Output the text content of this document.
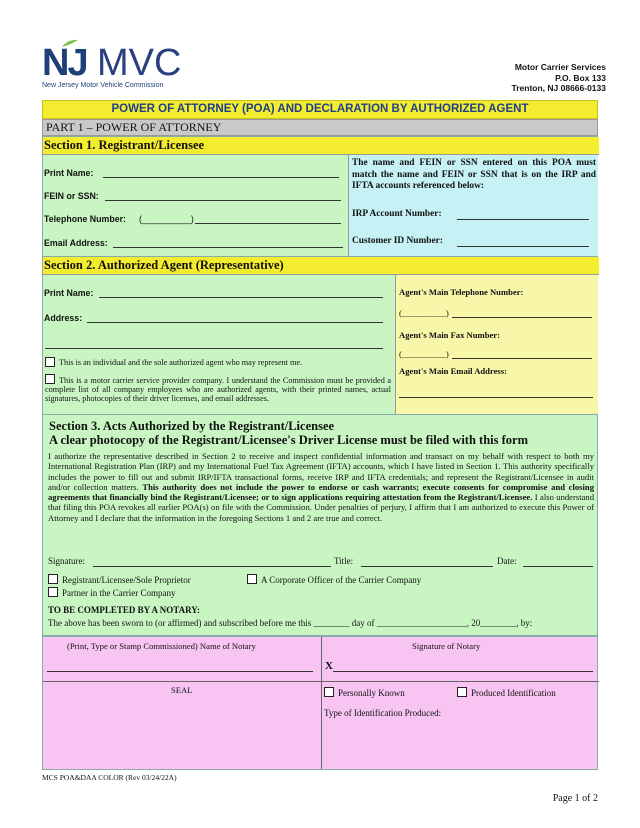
NJ MVC
New Jersey Motor Vehicle Commission
Motor Carrier Services
P.O. Box 133
Trenton, NJ 08666-0133
POWER OF ATTORNEY (POA) AND DECLARATION BY AUTHORIZED AGENT
PART 1 – POWER OF ATTORNEY
Section 1. Registrant/Licensee
Print Name:
FEIN or SSN:
Telephone Number: (__________)
Email Address:
The name and FEIN or SSN entered on this POA must match the name and FEIN or SSN that is on the IRP and IFTA accounts referenced below:
IRP Account Number:
Customer ID Number:
Section 2. Authorized Agent (Representative)
Print Name:
Address:
This is an individual and the sole authorized agent who may represent me.
This is a motor carrier service provider company. I understand the Commission must be provided a complete list of all company employees who are authorized agents, with their printed names, actual signatures, photocopies of their driver licenses, and email addresses.
Agent's Main Telephone Number:
(__________)
Agent's Main Fax Number:
(__________)
Agent's Main Email Address:
Section 3. Acts Authorized by the Registrant/Licensee
A clear photocopy of the Registrant/Licensee's Driver License must be filed with this form
I authorize the representative described in Section 2 to receive and inspect confidential information and transact on my behalf with respect to both my International Registration Plan (IRP) and my International Fuel Tax Agreement (IFTA) accounts, which I have listed in Section 1. This authority specifically includes the power to fill out and submit IRP/IFTA transactional forms, receive IRP and IFTA credentials; and represent the Registrant/Licensee in audit and/or collection matters. This authority does not include the power to endorse or cash warrants; execute consents for compromise and closing agreements that financially bind the Registrant/Licensee; or to sign applications requiring attestation from the Registrant/Licensee. I also understand that filing this POA revokes all earlier POA(s) on file with the Commission. Under penalties of perjury, I affirm that I am authorized to execute this Power of Attorney and I declare that the information in the foregoing Sections 1 and 2 are true and correct.
Signature:	Title:	Date:
Registrant/Licensee/Sole Proprietor	A Corporate Officer of the Carrier Company
Partner in the Carrier Company
TO BE COMPLETED BY A NOTARY:
The above has been sworn to (or affirmed) and subscribed before me this ________ day of ____________________, 20________, by:
(Print, Type or Stamp Commissioned) Name of Notary	Signature of Notary
X
SEAL	Personally Known	Produced Identification
Type of Identification Produced:
MCS POA&DAA COLOR (Rev 03/24/22A)
Page 1 of 2
